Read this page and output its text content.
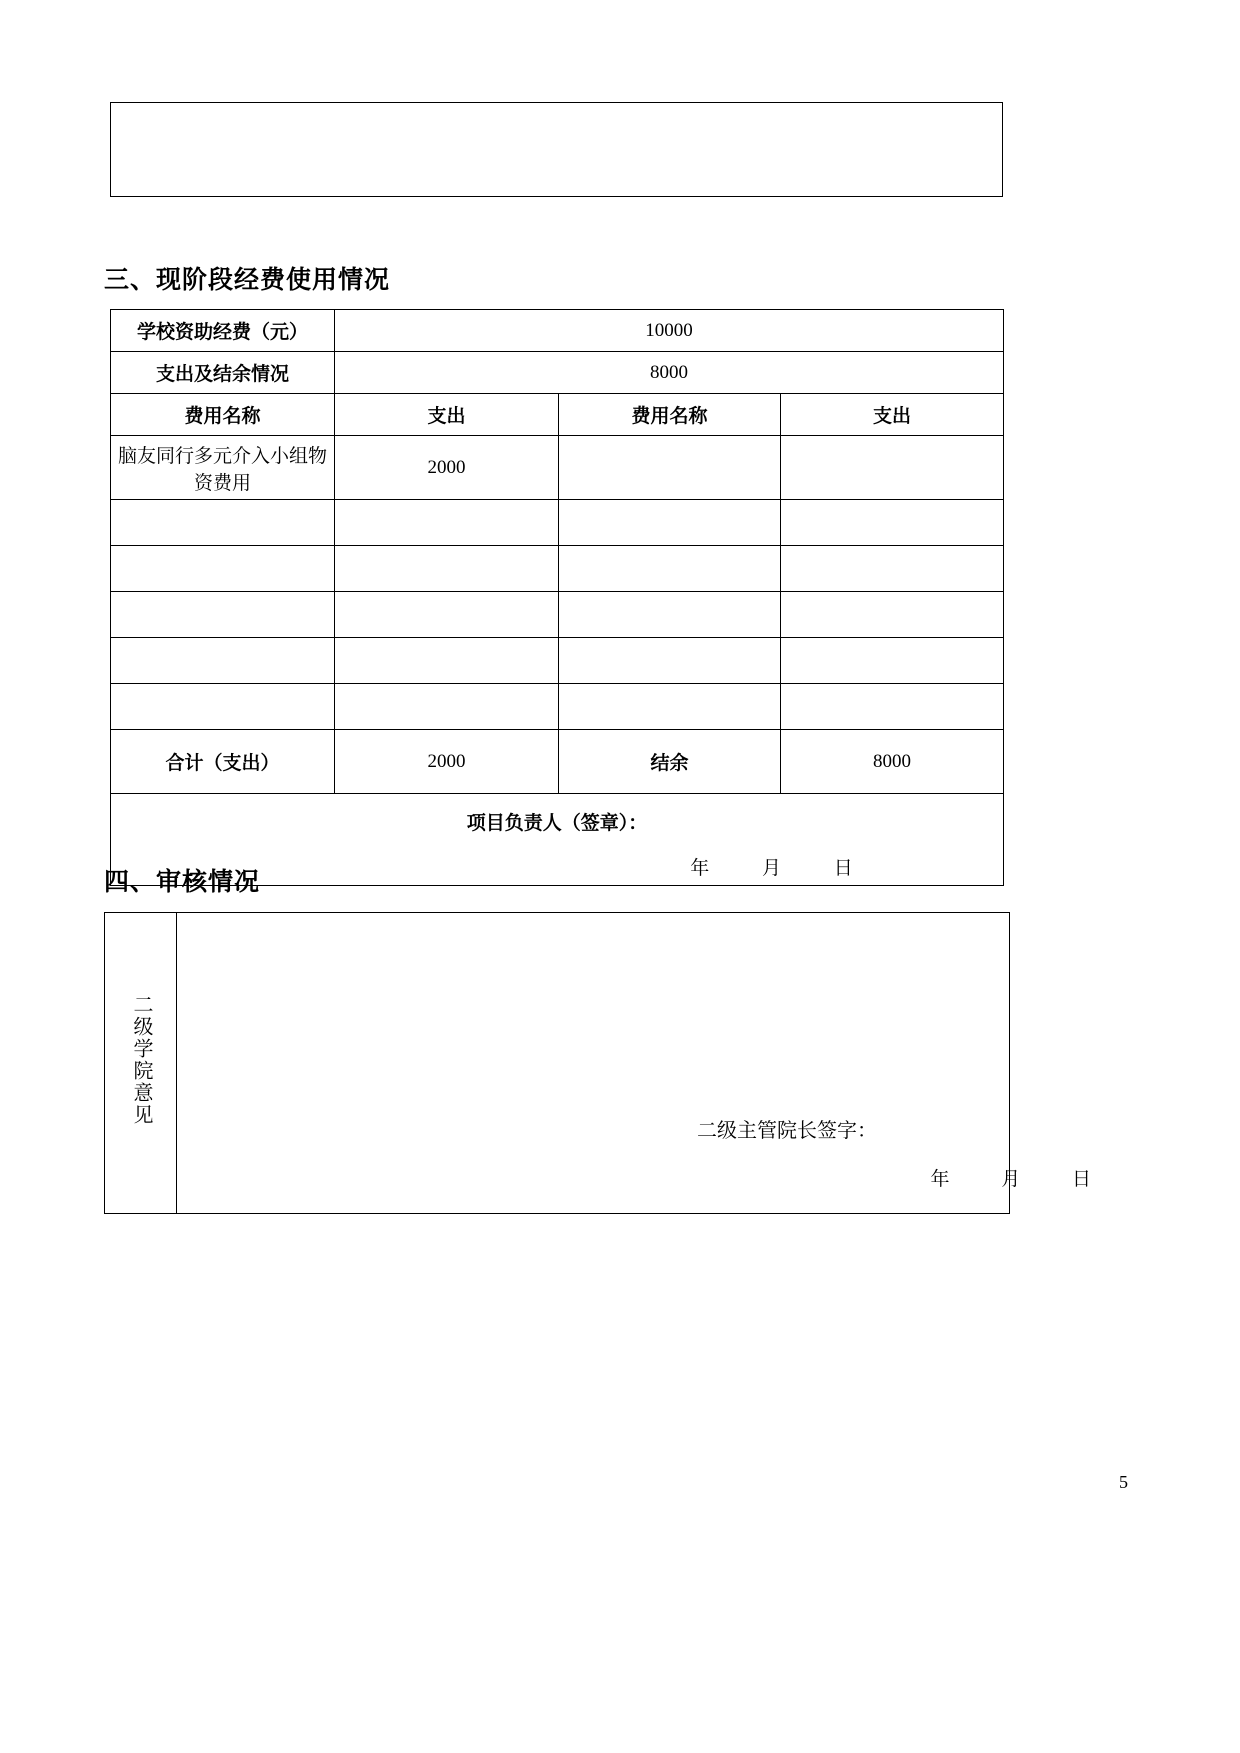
三、现阶段经费使用情况
学校资助经费（元）	10000		
支出及结余情况	8000		
费用名称	支出	费用名称	支出
脑友同行多元介入小组物资费用	2000		

合计（支出）	2000	结余	8000

项目负责人（签章）：
年 月 日			
四、审核情况
二级学院意见	
二级主管院长签字：
年	月	日
5
